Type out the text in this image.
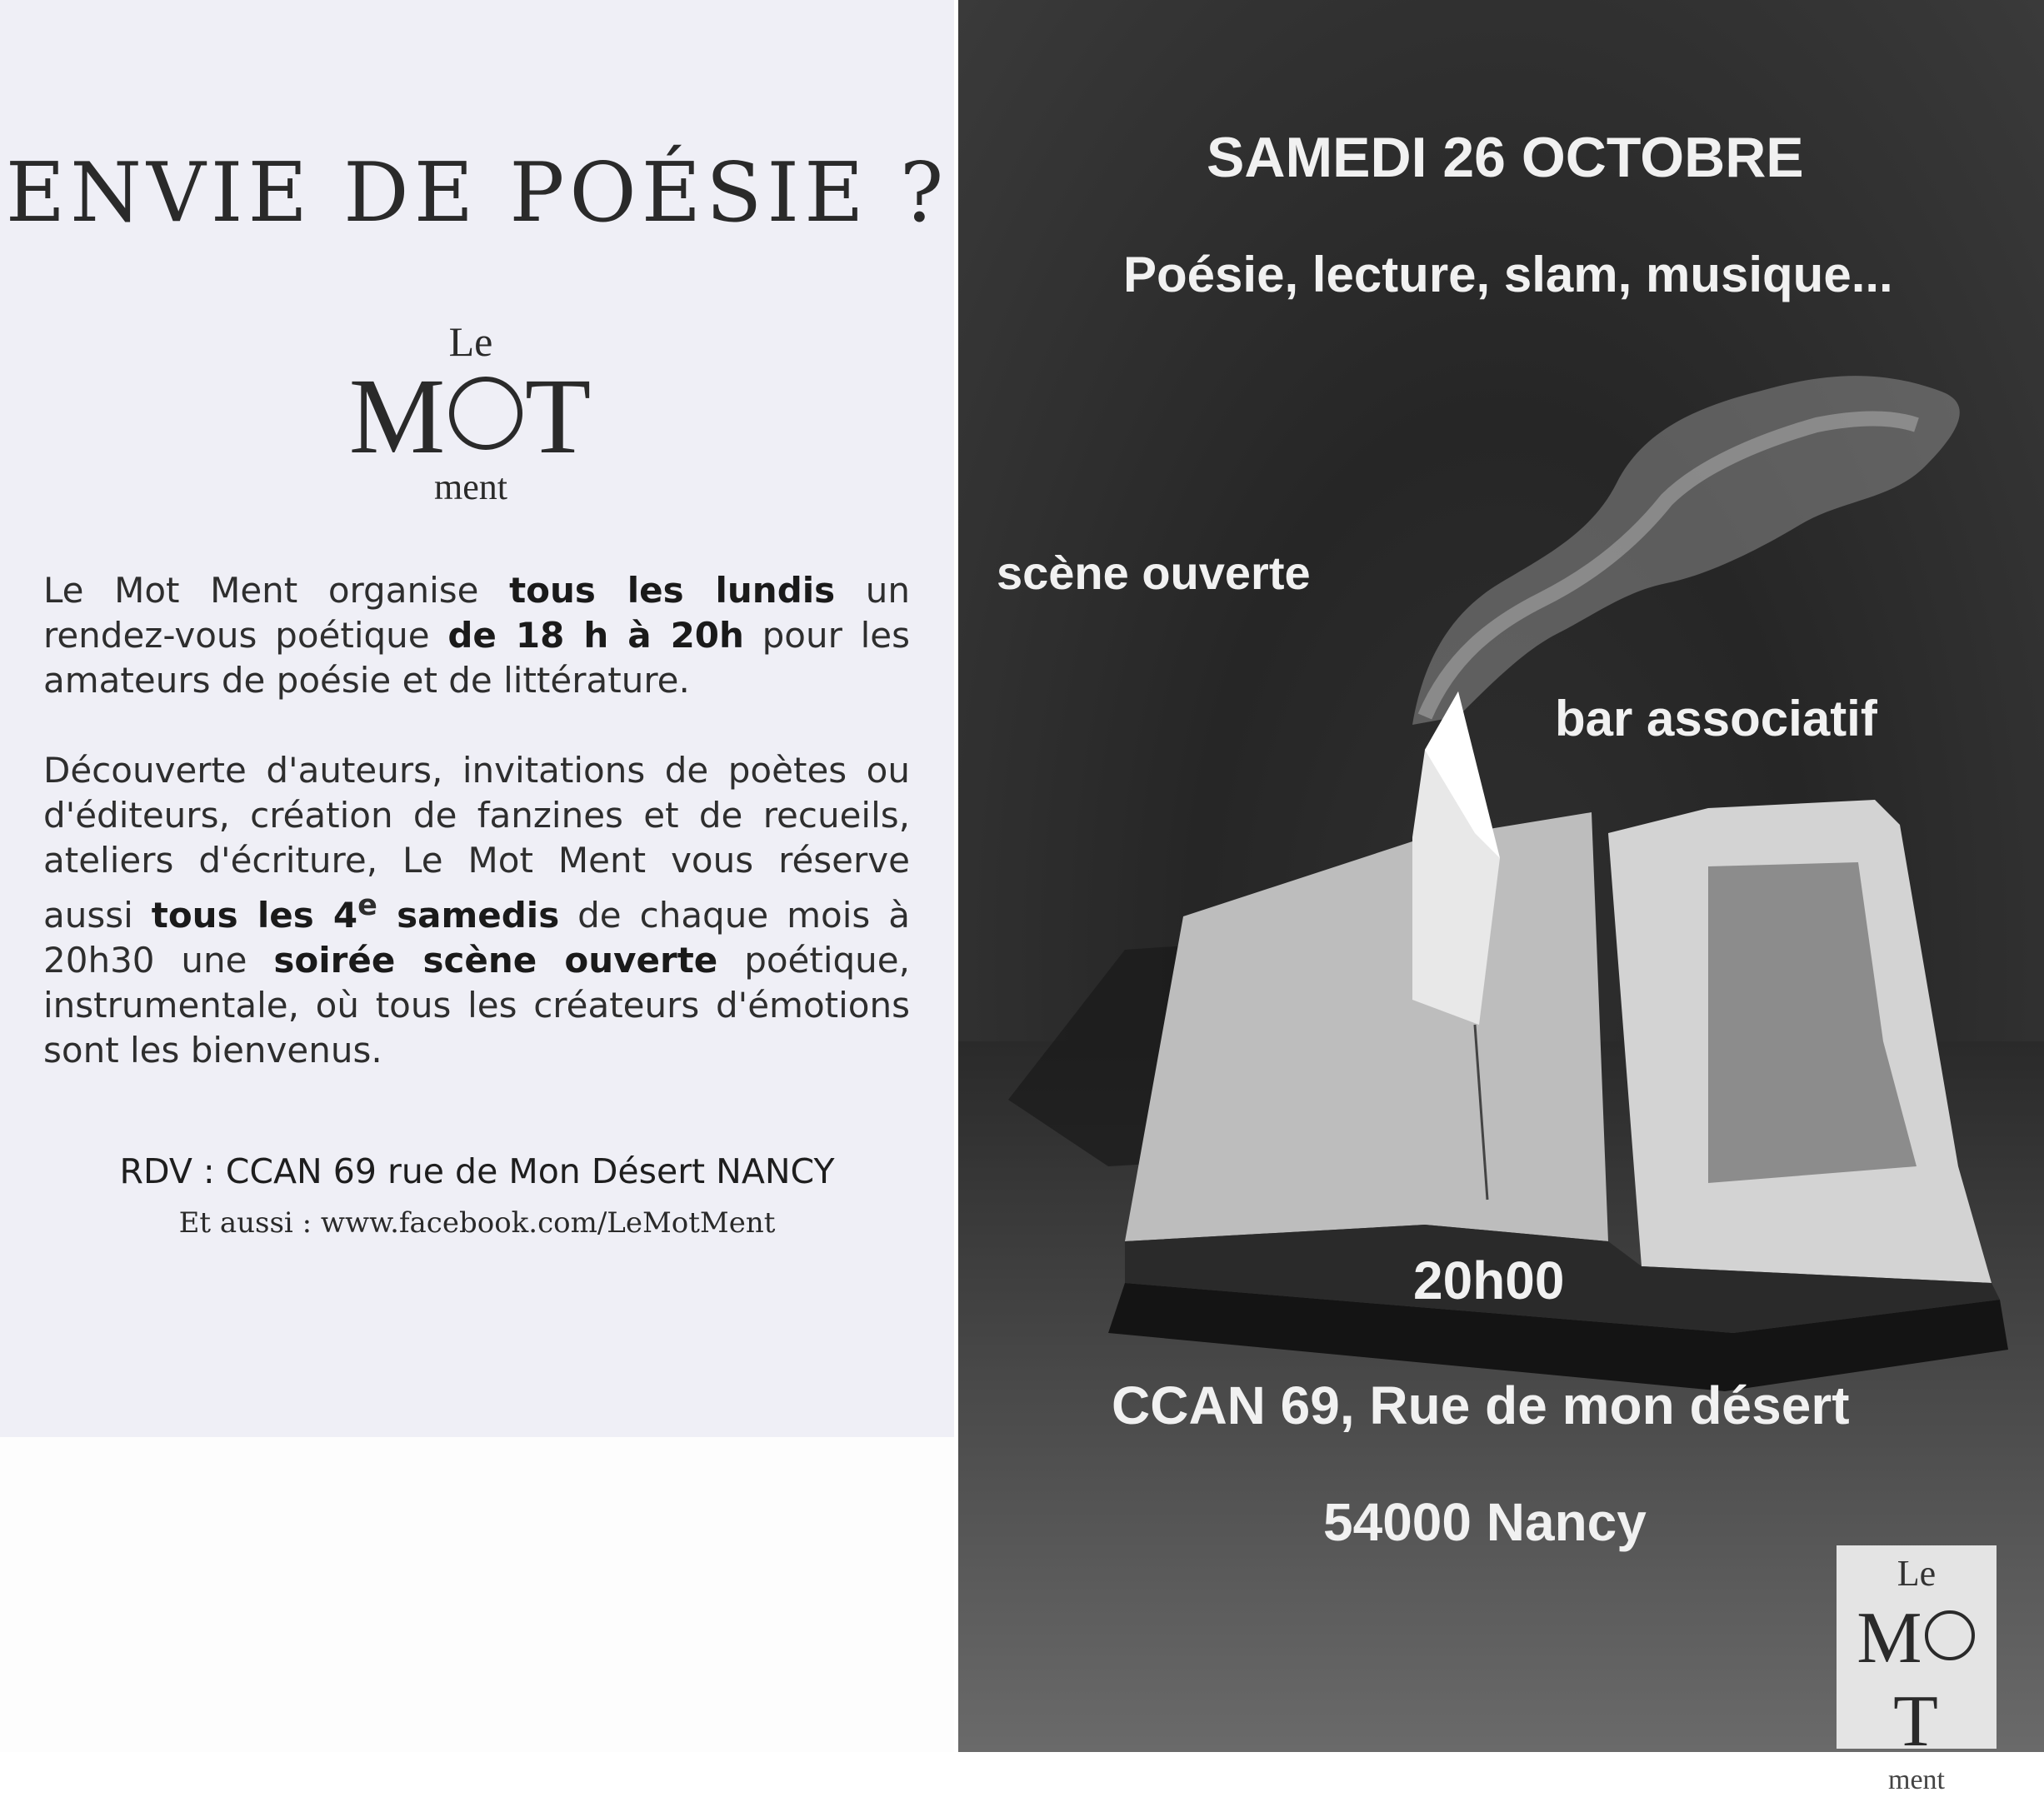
ENVIE DE POÉSIE ?
Le
M T
ment

Le Mot Ment organise tous les lundis un rendez-vous poétique de 18 h à 20h pour les amateurs de poésie et de littérature.

Découverte d'auteurs, invitations de poètes ou d'éditeurs, création de fanzines et de recueils, ateliers d'écriture, Le Mot Ment vous réserve aussi tous les 4e samedis de chaque mois à 20h30 une soirée scène ouverte poétique, instrumentale, où tous les créateurs d'émotions sont les bienvenus.

RDV : CCAN 69 rue de Mon Désert NANCY
Et aussi : www.facebook.com/LeMotMent
SAMEDI 26 OCTOBRE
Poésie, lecture, slam, musique...
scène ouverte
bar associatif
20h00
CCAN 69, Rue de mon désert
54000 Nancy
Le
MT
ment
